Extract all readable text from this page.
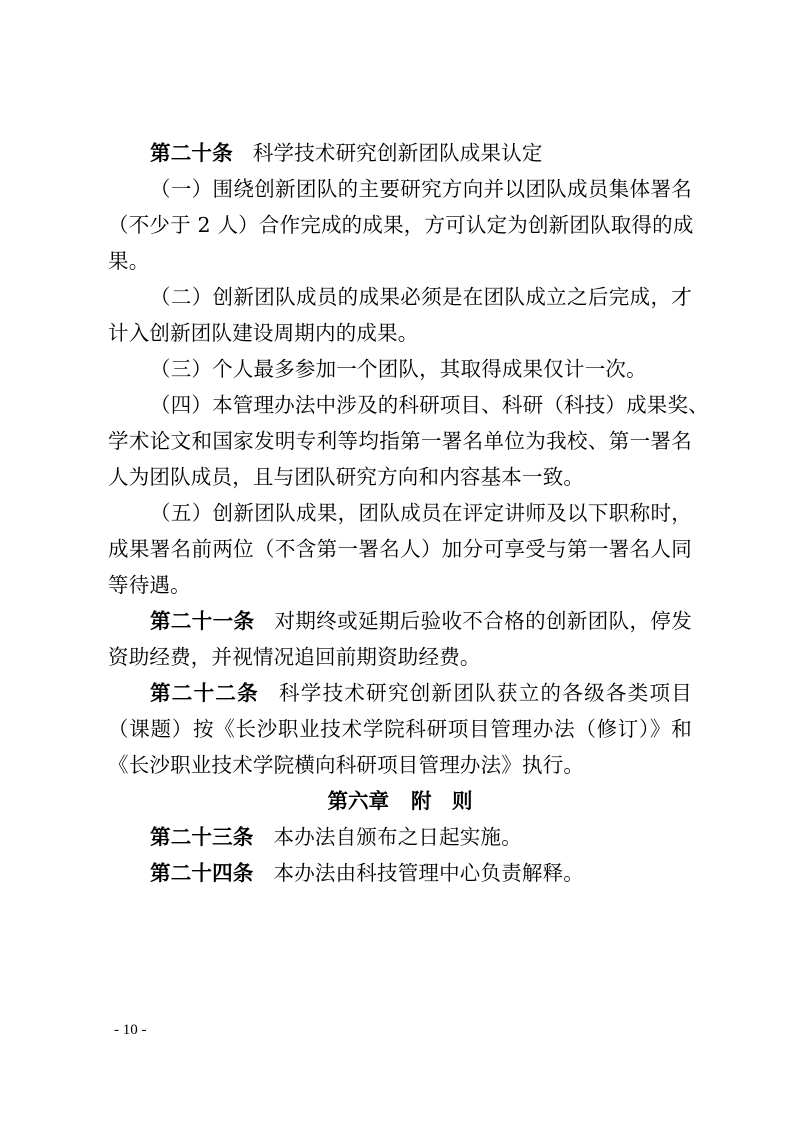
第二十条 科学技术研究创新团队成果认定
（一）围绕创新团队的主要研究方向并以团队成员集体署名
（不少于 2 人）合作完成的成果，方可认定为创新团队取得的成
果。
（二）创新团队成员的成果必须是在团队成立之后完成，才
计入创新团队建设周期内的成果。
（三）个人最多参加一个团队，其取得成果仅计一次。
（四）本管理办法中涉及的科研项目、科研（科技）成果奖、
学术论文和国家发明专利等均指第一署名单位为我校、第一署名
人为团队成员，且与团队研究方向和内容基本一致。
（五）创新团队成果，团队成员在评定讲师及以下职称时，
成果署名前两位（不含第一署名人）加分可享受与第一署名人同
等待遇。
第二十一条 对期终或延期后验收不合格的创新团队，停发
资助经费，并视情况追回前期资助经费。
第二十二条 科学技术研究创新团队获立的各级各类项目
（课题）按《长沙职业技术学院科研项目管理办法（修订）》和
《长沙职业技术学院横向科研项目管理办法》执行。
第六章 附　则
第二十三条 本办法自颁布之日起实施。
第二十四条 本办法由科技管理中心负责解释。
- 10 -
